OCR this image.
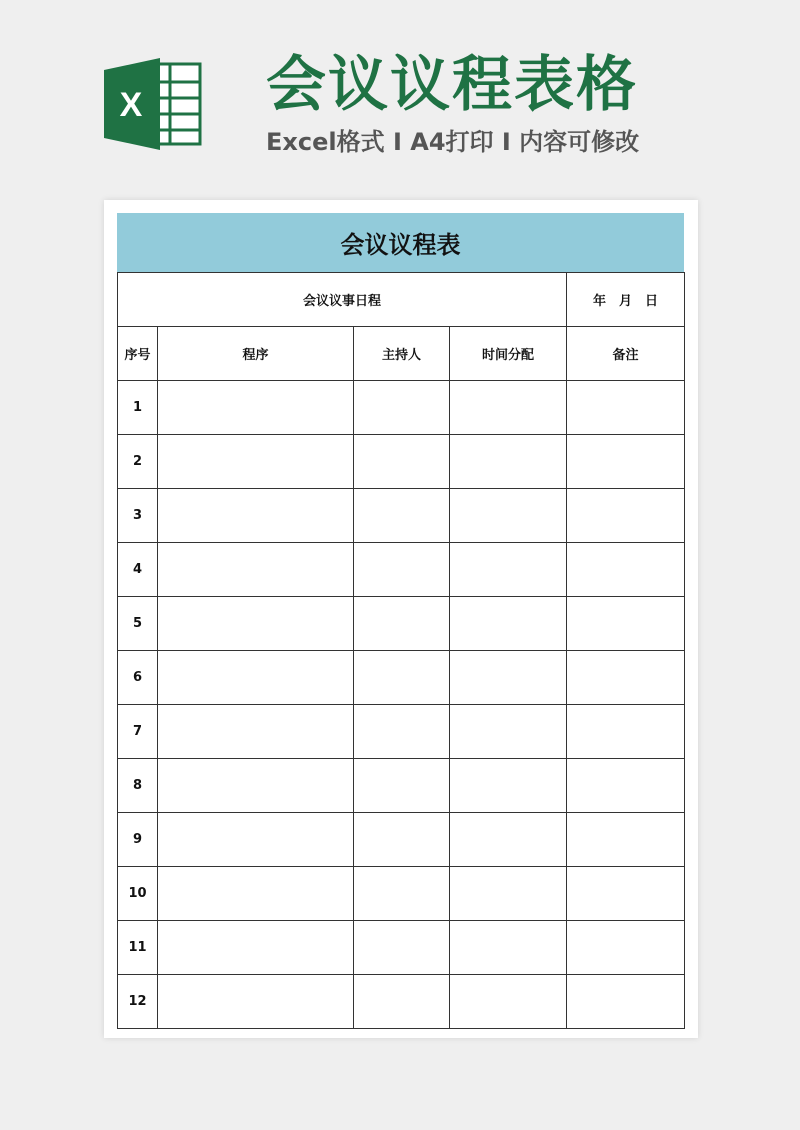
X 会议议程表格
Excel格式 I A4打印 I 内容可修改
会议议程表
会议议事日程				年　月　日
序号	程序	主持人	时间分配	备注
1				
2				
3				
4				
5				
6				
7				
8				
9				
10				
11				
12				
